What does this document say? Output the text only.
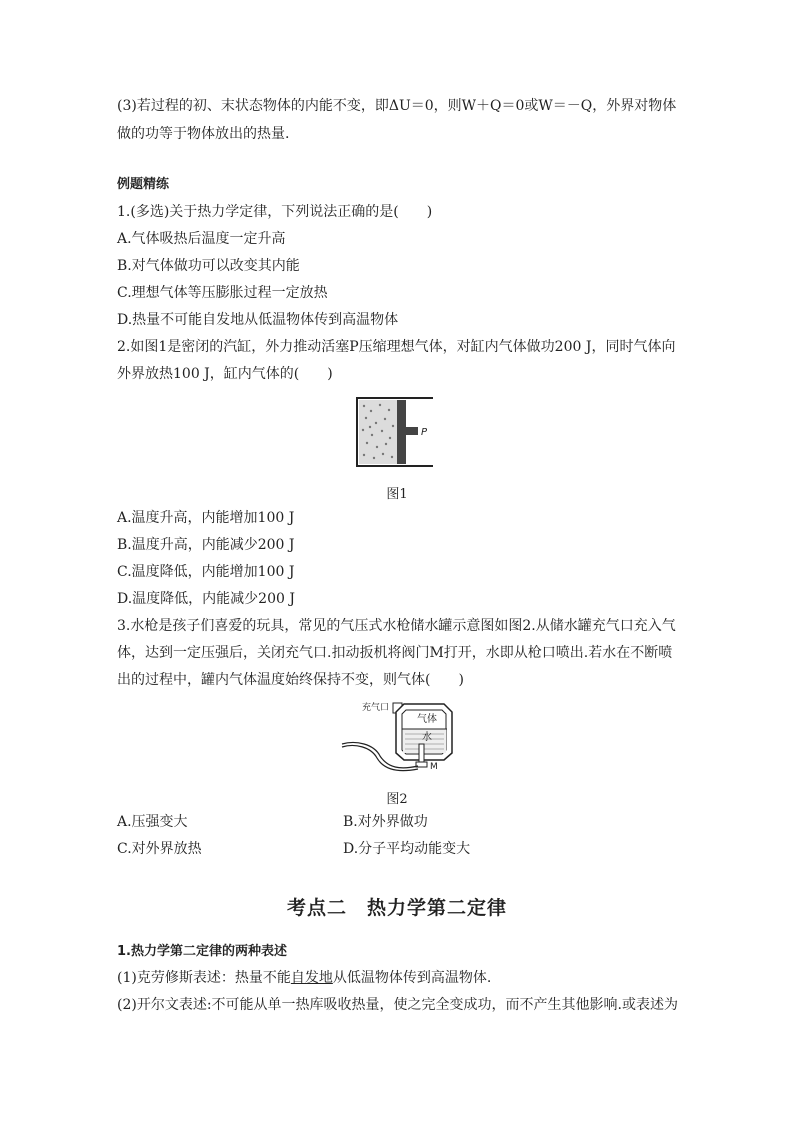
(3)若过程的初、末状态物体的内能不变，即ΔU＝0，则W＋Q＝0或W＝－Q，外界对物体
做的功等于物体放出的热量.
例题精练
1.(多选)关于热力学定律，下列说法正确的是(　　)
A.气体吸热后温度一定升高
B.对气体做功可以改变其内能
C.理想气体等压膨胀过程一定放热
D.热量不可能自发地从低温物体传到高温物体
2.如图1是密闭的汽缸，外力推动活塞P压缩理想气体，对缸内气体做功200 J，同时气体向
外界放热100 J，缸内气体的(　　)
P
图1
A.温度升高，内能增加100 J
B.温度升高，内能减少200 J
C.温度降低，内能增加100 J
D.温度降低，内能减少200 J
3.水枪是孩子们喜爱的玩具，常见的气压式水枪储水罐示意图如图2.从储水罐充气口充入气
体，达到一定压强后，关闭充气口.扣动扳机将阀门M打开，水即从枪口喷出.若水在不断喷
出的过程中，罐内气体温度始终保持不变，则气体(　　)
充气口
气体
水
M
图2
A.压强变大	B.对外界做功
C.对外界放热	D.分子平均动能变大
考点二　热力学第二定律
1.热力学第二定律的两种表述
(1)克劳修斯表述：热量不能自发地从低温物体传到高温物体.
(2)开尔文表述:不可能从单一热库吸收热量，使之完全变成功，而不产生其他影响.或表述为
